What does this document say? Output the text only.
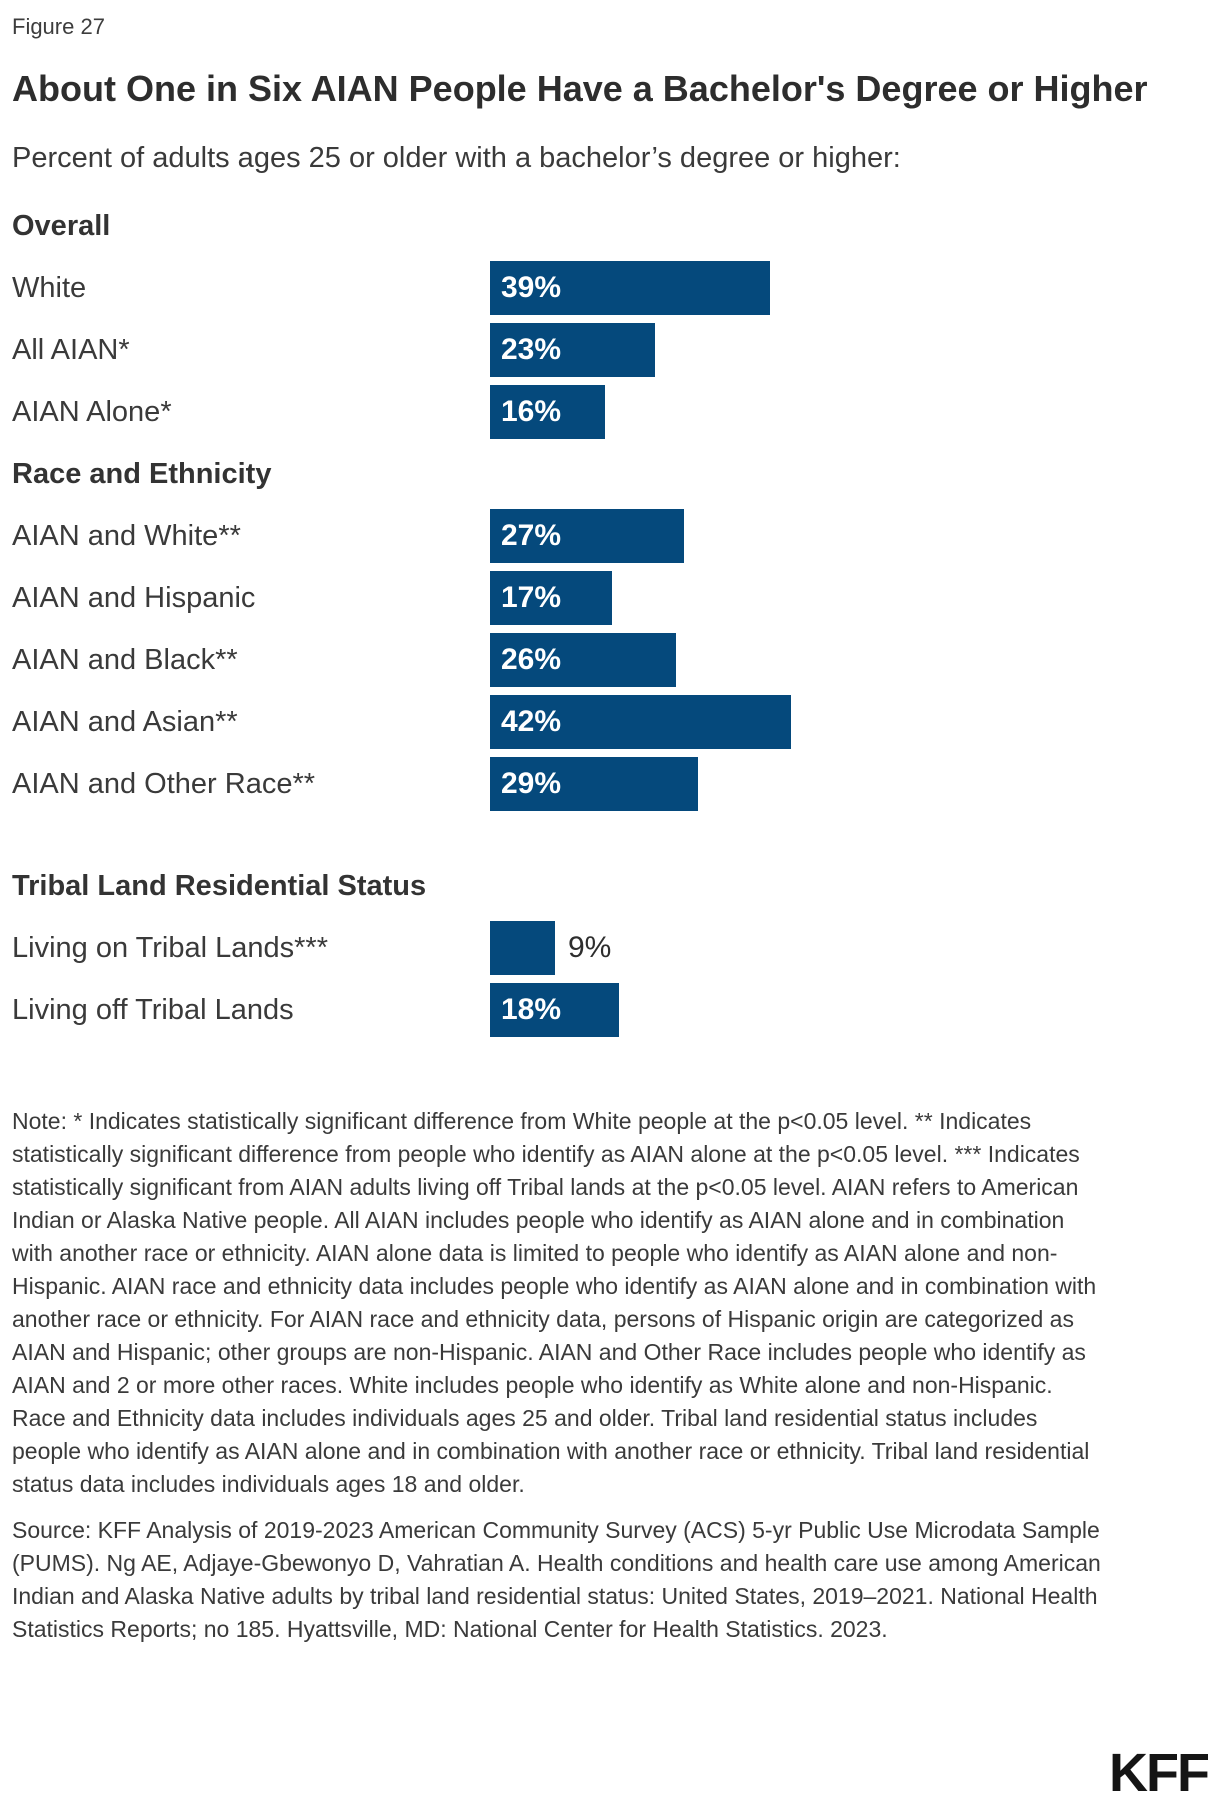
Figure 27
About One in Six AIAN People Have a Bachelor's Degree or Higher
Percent of adults ages 25 or older with a bachelor’s degree or higher:
Overall
White	39%
All AIAN*	23%
AIAN Alone*	16%
Race and Ethnicity
AIAN and White**	27%
AIAN and Hispanic	17%
AIAN and Black**	26%
AIAN and Asian**	42%
AIAN and Other Race**	29%
Tribal Land Residential Status
Living on Tribal Lands***	9%
Living off Tribal Lands	18%
Note: * Indicates statistically significant difference from White people at the p<0.05 level. ** Indicates statistically significant difference from people who identify as AIAN alone at the p<0.05 level. *** Indicates statistically significant from AIAN adults living off Tribal lands at the p<0.05 level. AIAN refers to American Indian or Alaska Native people. All AIAN includes people who identify as AIAN alone and in combination with another race or ethnicity. AIAN alone data is limited to people who identify as AIAN alone and non-Hispanic. AIAN race and ethnicity data includes people who identify as AIAN alone and in combination with another race or ethnicity. For AIAN race and ethnicity data, persons of Hispanic origin are categorized as AIAN and Hispanic; other groups are non-Hispanic. AIAN and Other Race includes people who identify as AIAN and 2 or more other races. White includes people who identify as White alone and non-Hispanic. Race and Ethnicity data includes individuals ages 25 and older. Tribal land residential status includes people who identify as AIAN alone and in combination with another race or ethnicity. Tribal land residential status data includes individuals ages 18 and older.
Source: KFF Analysis of 2019-2023 American Community Survey (ACS) 5-yr Public Use Microdata Sample (PUMS). Ng AE, Adjaye-Gbewonyo D, Vahratian A. Health conditions and health care use among American Indian and Alaska Native adults by tribal land residential status: United States, 2019–2021. National Health Statistics Reports; no 185. Hyattsville, MD: National Center for Health Statistics. 2023.
KFF
